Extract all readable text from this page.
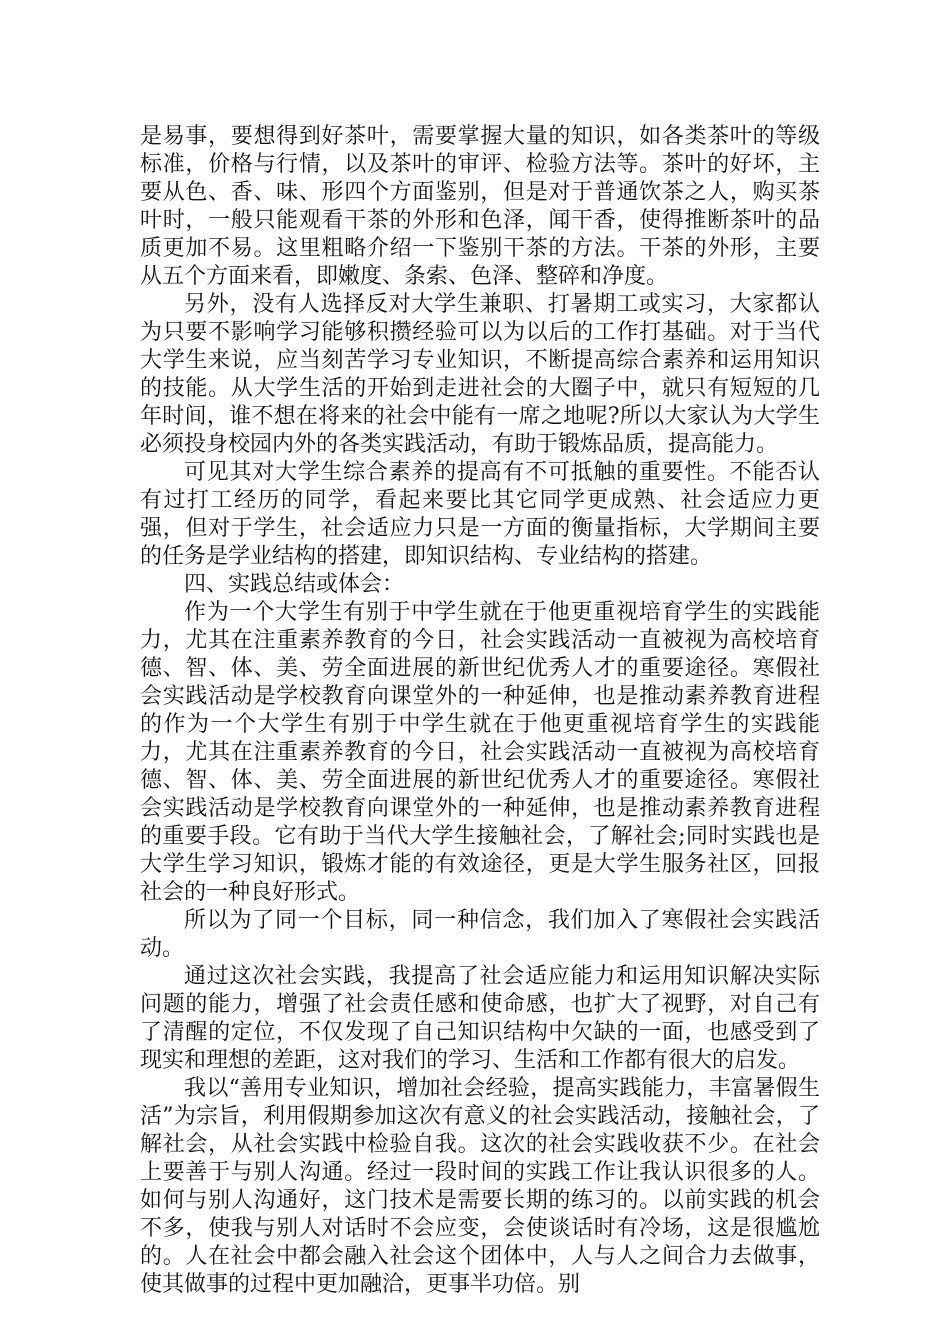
是易事，要想得到好茶叶，需要掌握大量的知识，如各类茶叶的等级标准，价格与行情，以及茶叶的审评、检验方法等。茶叶的好坏，主要从色、香、味、形四个方面鉴别，但是对于普通饮茶之人，购买茶叶时，一般只能观看干茶的外形和色泽，闻干香，使得推断茶叶的品质更加不易。这里粗略介绍一下鉴别干茶的方法。干茶的外形，主要从五个方面来看，即嫩度、条索、色泽、整碎和净度。

另外，没有人选择反对大学生兼职、打暑期工或实习，大家都认为只要不影响学习能够积攒经验可以为以后的工作打基础。对于当代大学生来说，应当刻苦学习专业知识，不断提高综合素养和运用知识的技能。从大学生活的开始到走进社会的大圈子中，就只有短短的几年时间，谁不想在将来的社会中能有一席之地呢?所以大家认为大学生必须投身校园内外的各类实践活动，有助于锻炼品质，提高能力。

可见其对大学生综合素养的提高有不可抵触的重要性。不能否认有过打工经历的同学，看起来要比其它同学更成熟、社会适应力更强，但对于学生，社会适应力只是一方面的衡量指标，大学期间主要的任务是学业结构的搭建，即知识结构、专业结构的搭建。

四、实践总结或体会：

作为一个大学生有别于中学生就在于他更重视培育学生的实践能力，尤其在注重素养教育的今日，社会实践活动一直被视为高校培育德、智、体、美、劳全面进展的新世纪优秀人才的重要途径。寒假社会实践活动是学校教育向课堂外的一种延伸，也是推动素养教育进程的作为一个大学生有别于中学生就在于他更重视培育学生的实践能力，尤其在注重素养教育的今日，社会实践活动一直被视为高校培育德、智、体、美、劳全面进展的新世纪优秀人才的重要途径。寒假社会实践活动是学校教育向课堂外的一种延伸，也是推动素养教育进程的重要手段。它有助于当代大学生接触社会，了解社会;同时实践也是大学生学习知识，锻炼才能的有效途径，更是大学生服务社区，回报社会的一种良好形式。

所以为了同一个目标，同一种信念，我们加入了寒假社会实践活动。

通过这次社会实践，我提高了社会适应能力和运用知识解决实际问题的能力，增强了社会责任感和使命感，也扩大了视野，对自己有了清醒的定位，不仅发现了自己知识结构中欠缺的一面，也感受到了现实和理想的差距，这对我们的学习、生活和工作都有很大的启发。

我以“善用专业知识，增加社会经验，提高实践能力，丰富暑假生活”为宗旨，利用假期参加这次有意义的社会实践活动，接触社会，了解社会，从社会实践中检验自我。这次的社会实践收获不少。在社会上要善于与别人沟通。经过一段时间的实践工作让我认识很多的人。如何与别人沟通好，这门技术是需要长期的练习的。以前实践的机会不多，使我与别人对话时不会应变，会使谈话时有冷场，这是很尴尬的。人在社会中都会融入社会这个团体中，人与人之间合力去做事，使其做事的过程中更加融洽，更事半功倍。别
